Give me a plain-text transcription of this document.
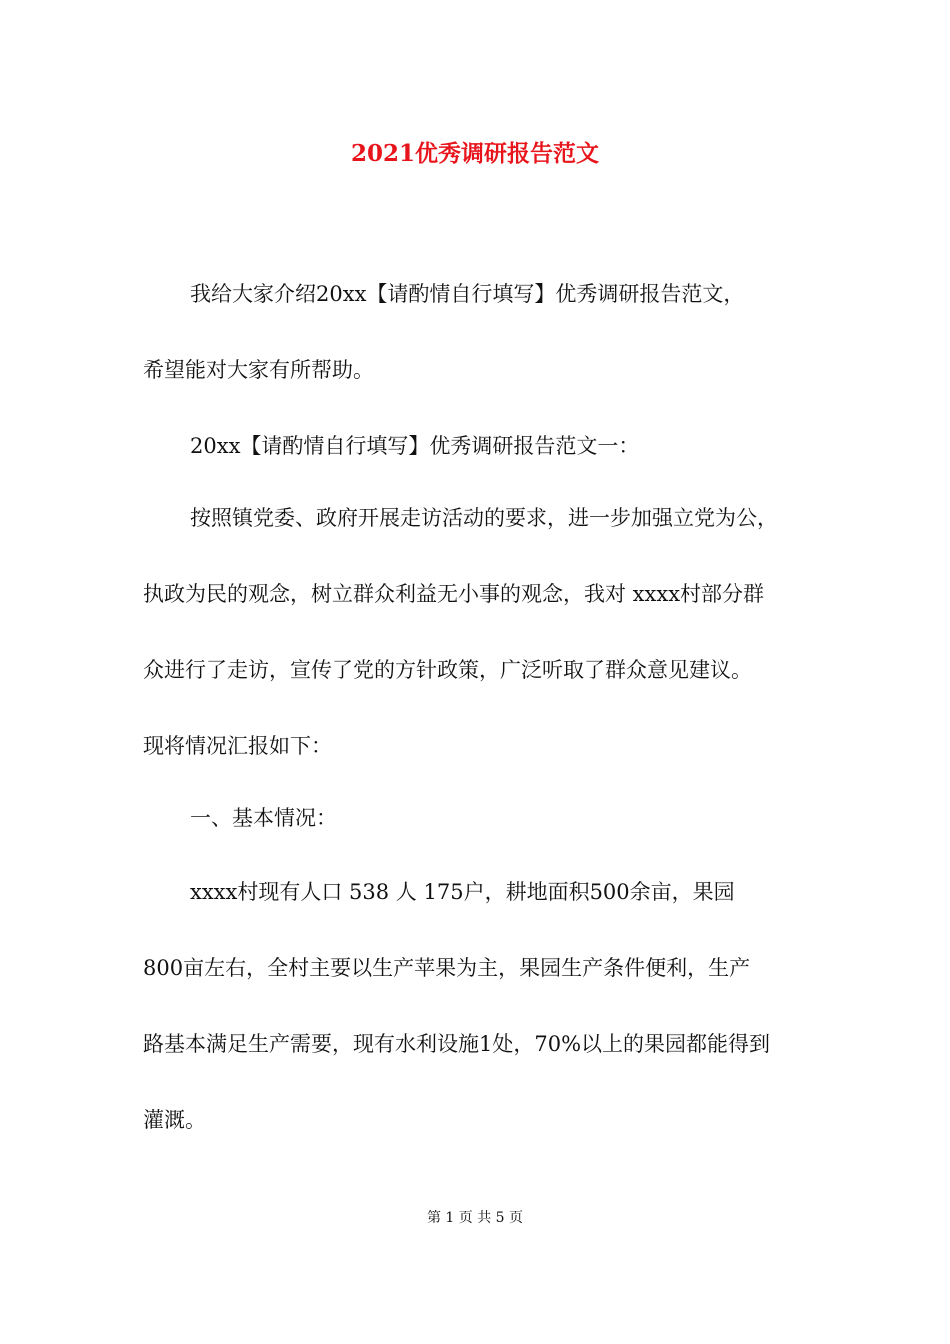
2021优秀调研报告范文
我给大家介绍20xx【请酌情自行填写】优秀调研报告范文，
希望能对大家有所帮助。
20xx【请酌情自行填写】优秀调研报告范文一：
按照镇党委、政府开展走访活动的要求，进一步加强立党为公，
执政为民的观念，树立群众利益无小事的观念，我对 xxxx村部分群
众进行了走访，宣传了党的方针政策，广泛听取了群众意见建议。
现将情况汇报如下：
一、基本情况：
xxxx村现有人口 538 人 175户，耕地面积500余亩，果园
800亩左右，全村主要以生产苹果为主，果园生产条件便利，生产
路基本满足生产需要，现有水利设施1处，70%以上的果园都能得到
灌溉。
第 1 页 共 5 页
